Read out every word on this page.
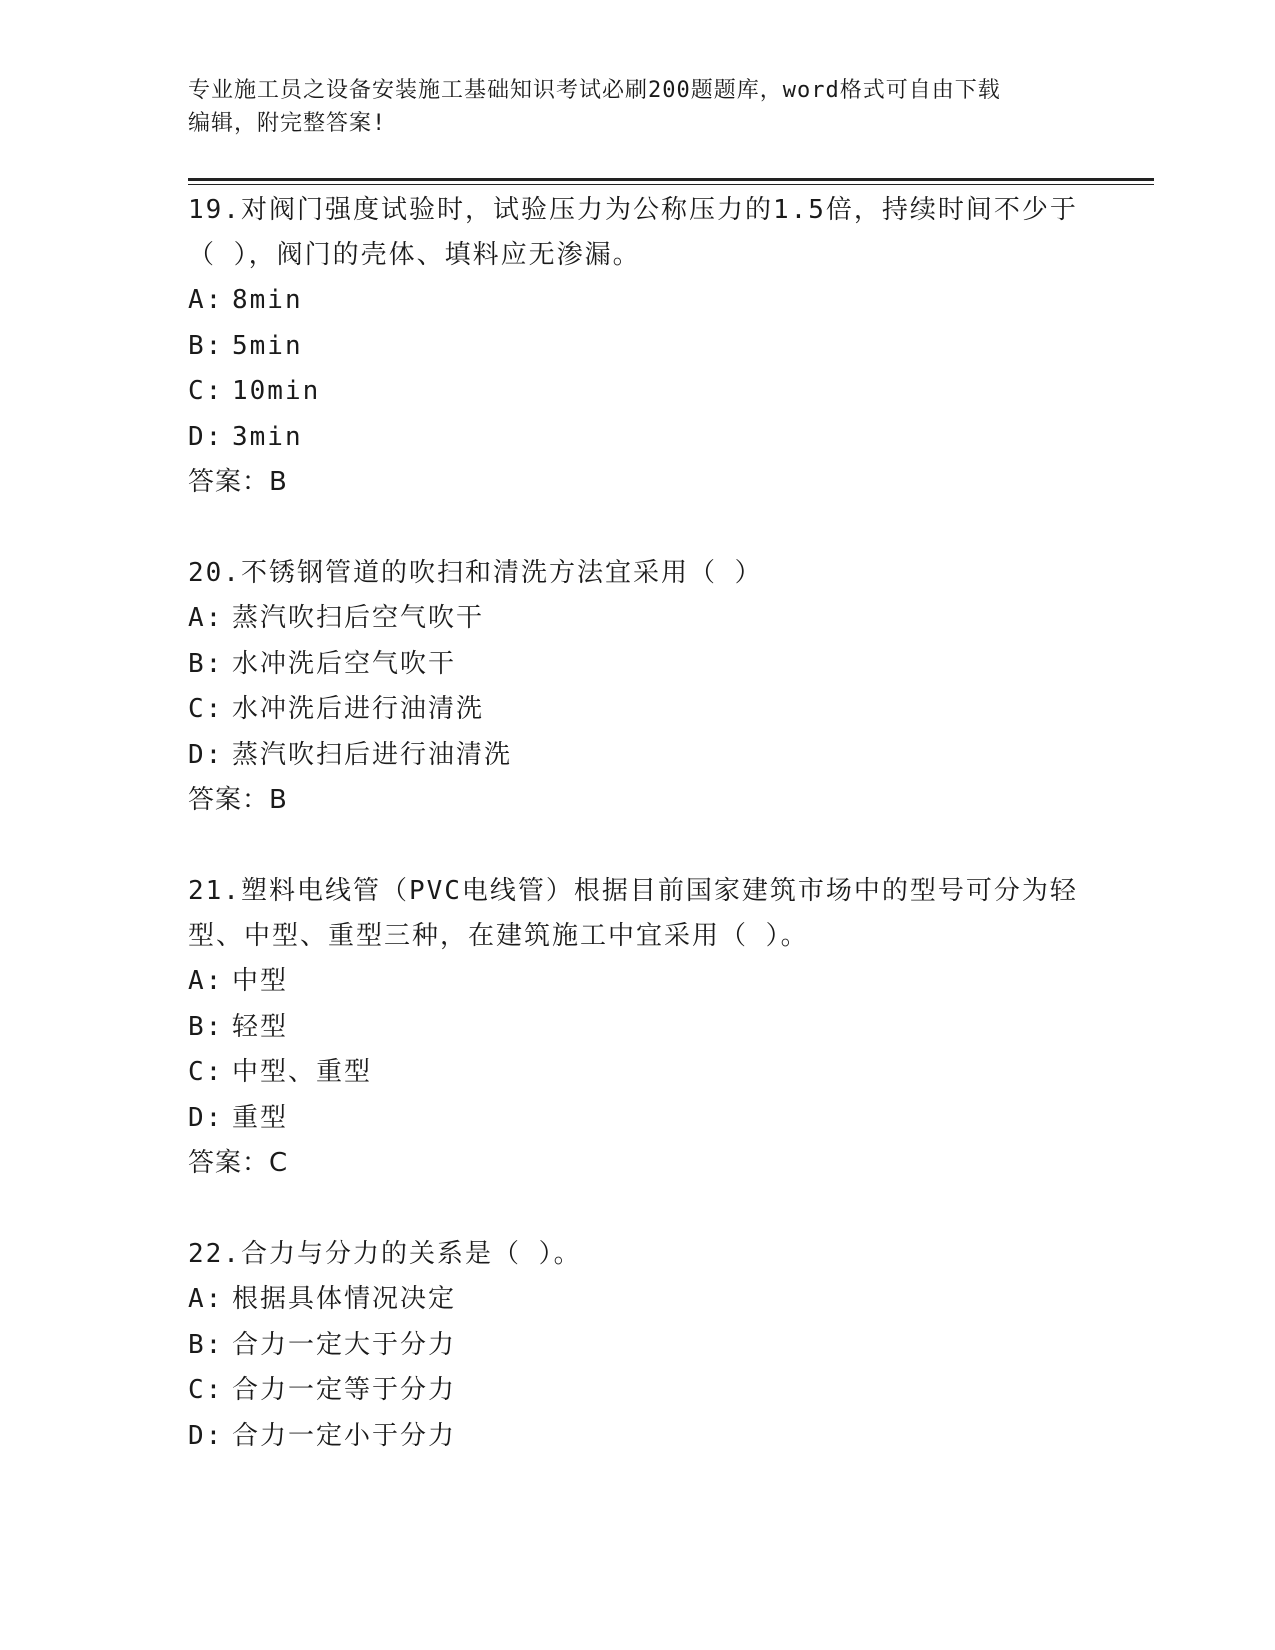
专业施工员之设备安装施工基础知识考试必刷200题题库，word格式可自由下载
编辑，附完整答案!

19.对阀门强度试验时，试验压力为公称压力的1.5倍，持续时间不少于（ ），阀门的壳体、填料应无渗漏。

A: 8min
B: 5min
C: 10min
D: 3min
答案：B

20.不锈钢管道的吹扫和清洗方法宜采用（ ）

A: 蒸汽吹扫后空气吹干
B: 水冲洗后空气吹干
C: 水冲洗后进行油清洗
D: 蒸汽吹扫后进行油清洗
答案：B

21.塑料电线管（PVC电线管）根据目前国家建筑市场中的型号可分为轻型、中型、重型三种，在建筑施工中宜采用（ ）。

A: 中型
B: 轻型
C: 中型、重型
D: 重型
答案：C

22.合力与分力的关系是（ ）。

A: 根据具体情况决定
B: 合力一定大于分力
C: 合力一定等于分力
D: 合力一定小于分力
